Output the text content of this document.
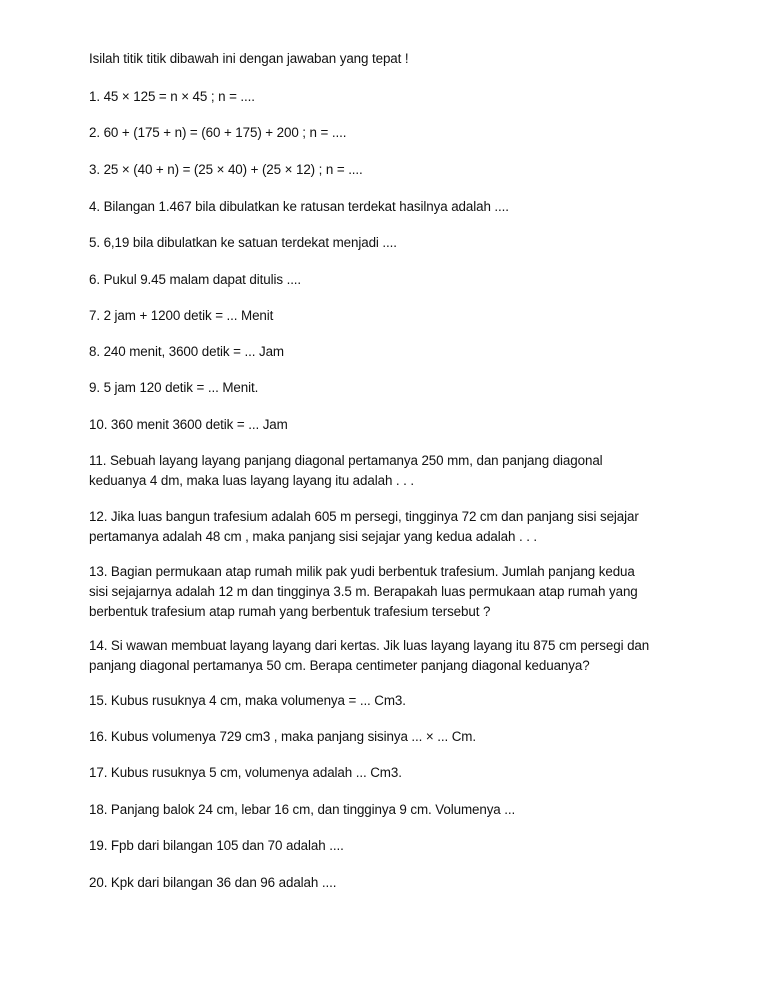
Isilah titik titik dibawah ini dengan jawaban yang tepat !
1. 45 × 125 = n × 45 ; n = ....
2. 60 + (175 + n) = (60 + 175) + 200 ; n = ....
3. 25 × (40 + n) = (25 × 40) + (25 × 12) ; n = ....
4. Bilangan 1.467 bila dibulatkan ke ratusan terdekat hasilnya adalah ....
5. 6,19 bila dibulatkan ke satuan terdekat menjadi ....
6. Pukul 9.45 malam dapat ditulis ....
7. 2 jam + 1200 detik = ... Menit
8. 240 menit, 3600 detik = ... Jam
9. 5 jam 120 detik = ... Menit.
10. 360 menit 3600 detik = ... Jam
11. Sebuah layang layang panjang diagonal pertamanya 250 mm, dan panjang diagonal
keduanya 4 dm, maka luas layang layang itu adalah . . .
12. Jika luas bangun trafesium adalah 605 m persegi, tingginya 72 cm dan panjang sisi sejajar
pertamanya adalah 48 cm , maka panjang sisi sejajar yang kedua adalah . . .
13. Bagian permukaan atap rumah milik pak yudi berbentuk trafesium. Jumlah panjang kedua
sisi sejajarnya adalah 12 m dan tingginya 3.5 m. Berapakah luas permukaan atap rumah yang
berbentuk trafesium atap rumah yang berbentuk trafesium tersebut ?
14. Si wawan membuat layang layang dari kertas. Jik luas layang layang itu 875 cm persegi dan
panjang diagonal pertamanya 50 cm. Berapa centimeter panjang diagonal keduanya?
15. Kubus rusuknya 4 cm, maka volumenya = ... Cm3.
16. Kubus volumenya 729 cm3 , maka panjang sisinya ... × ... Cm.
17. Kubus rusuknya 5 cm, volumenya adalah ... Cm3.
18. Panjang balok 24 cm, lebar 16 cm, dan tingginya 9 cm. Volumenya ...
19. Fpb dari bilangan 105 dan 70 adalah ....
20. Kpk dari bilangan 36 dan 96 adalah ....
